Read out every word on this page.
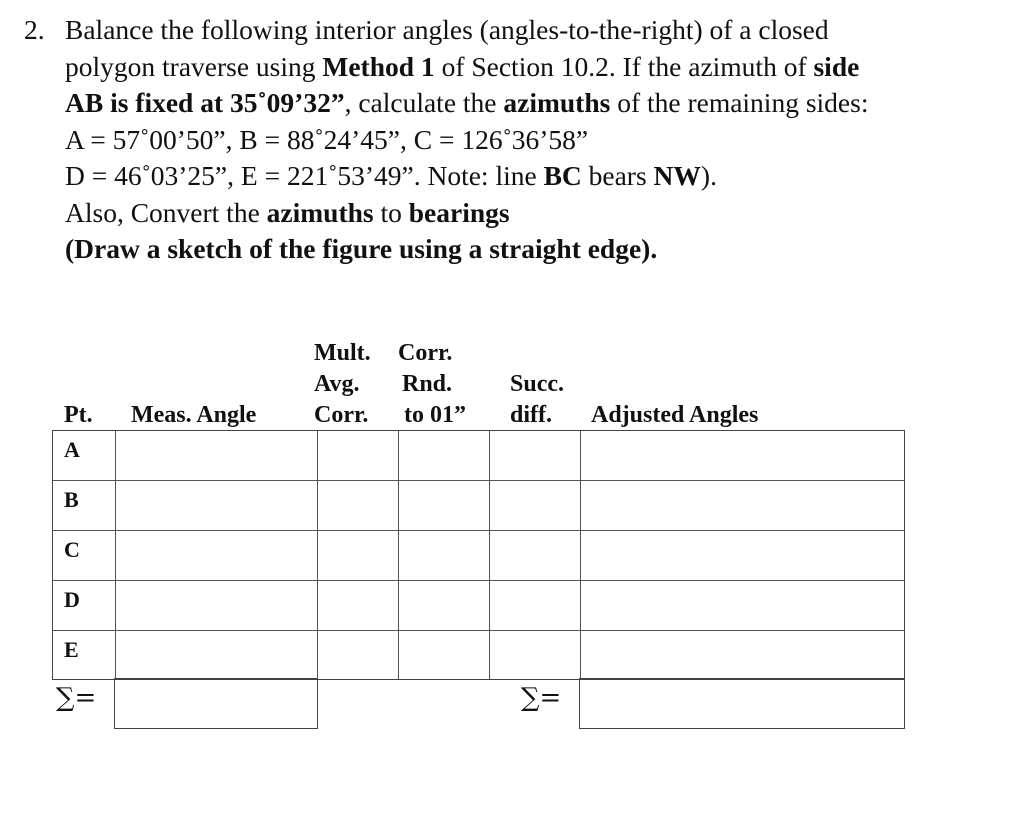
2. Balance the following interior angles (angles-to-the-right) of a closed
polygon traverse using Method 1 of Section 10.2. If the azimuth of side
AB is fixed at 35˚09’32”, calculate the azimuths of the remaining sides:
A = 57˚00’50”, B = 88˚24’45”, C = 126˚36’58”
D = 46˚03’25”, E = 221˚53’49”. Note: line BC bears NW).
Also, Convert the azimuths to bearings
(Draw a sketch of the figure using a straight edge).
Mult. Corr.
Avg. Rnd. Succ.
Pt. Meas. Angle Corr. to 01” diff. Adjusted Angles
A
B
C
D
E
∑=	∑=
